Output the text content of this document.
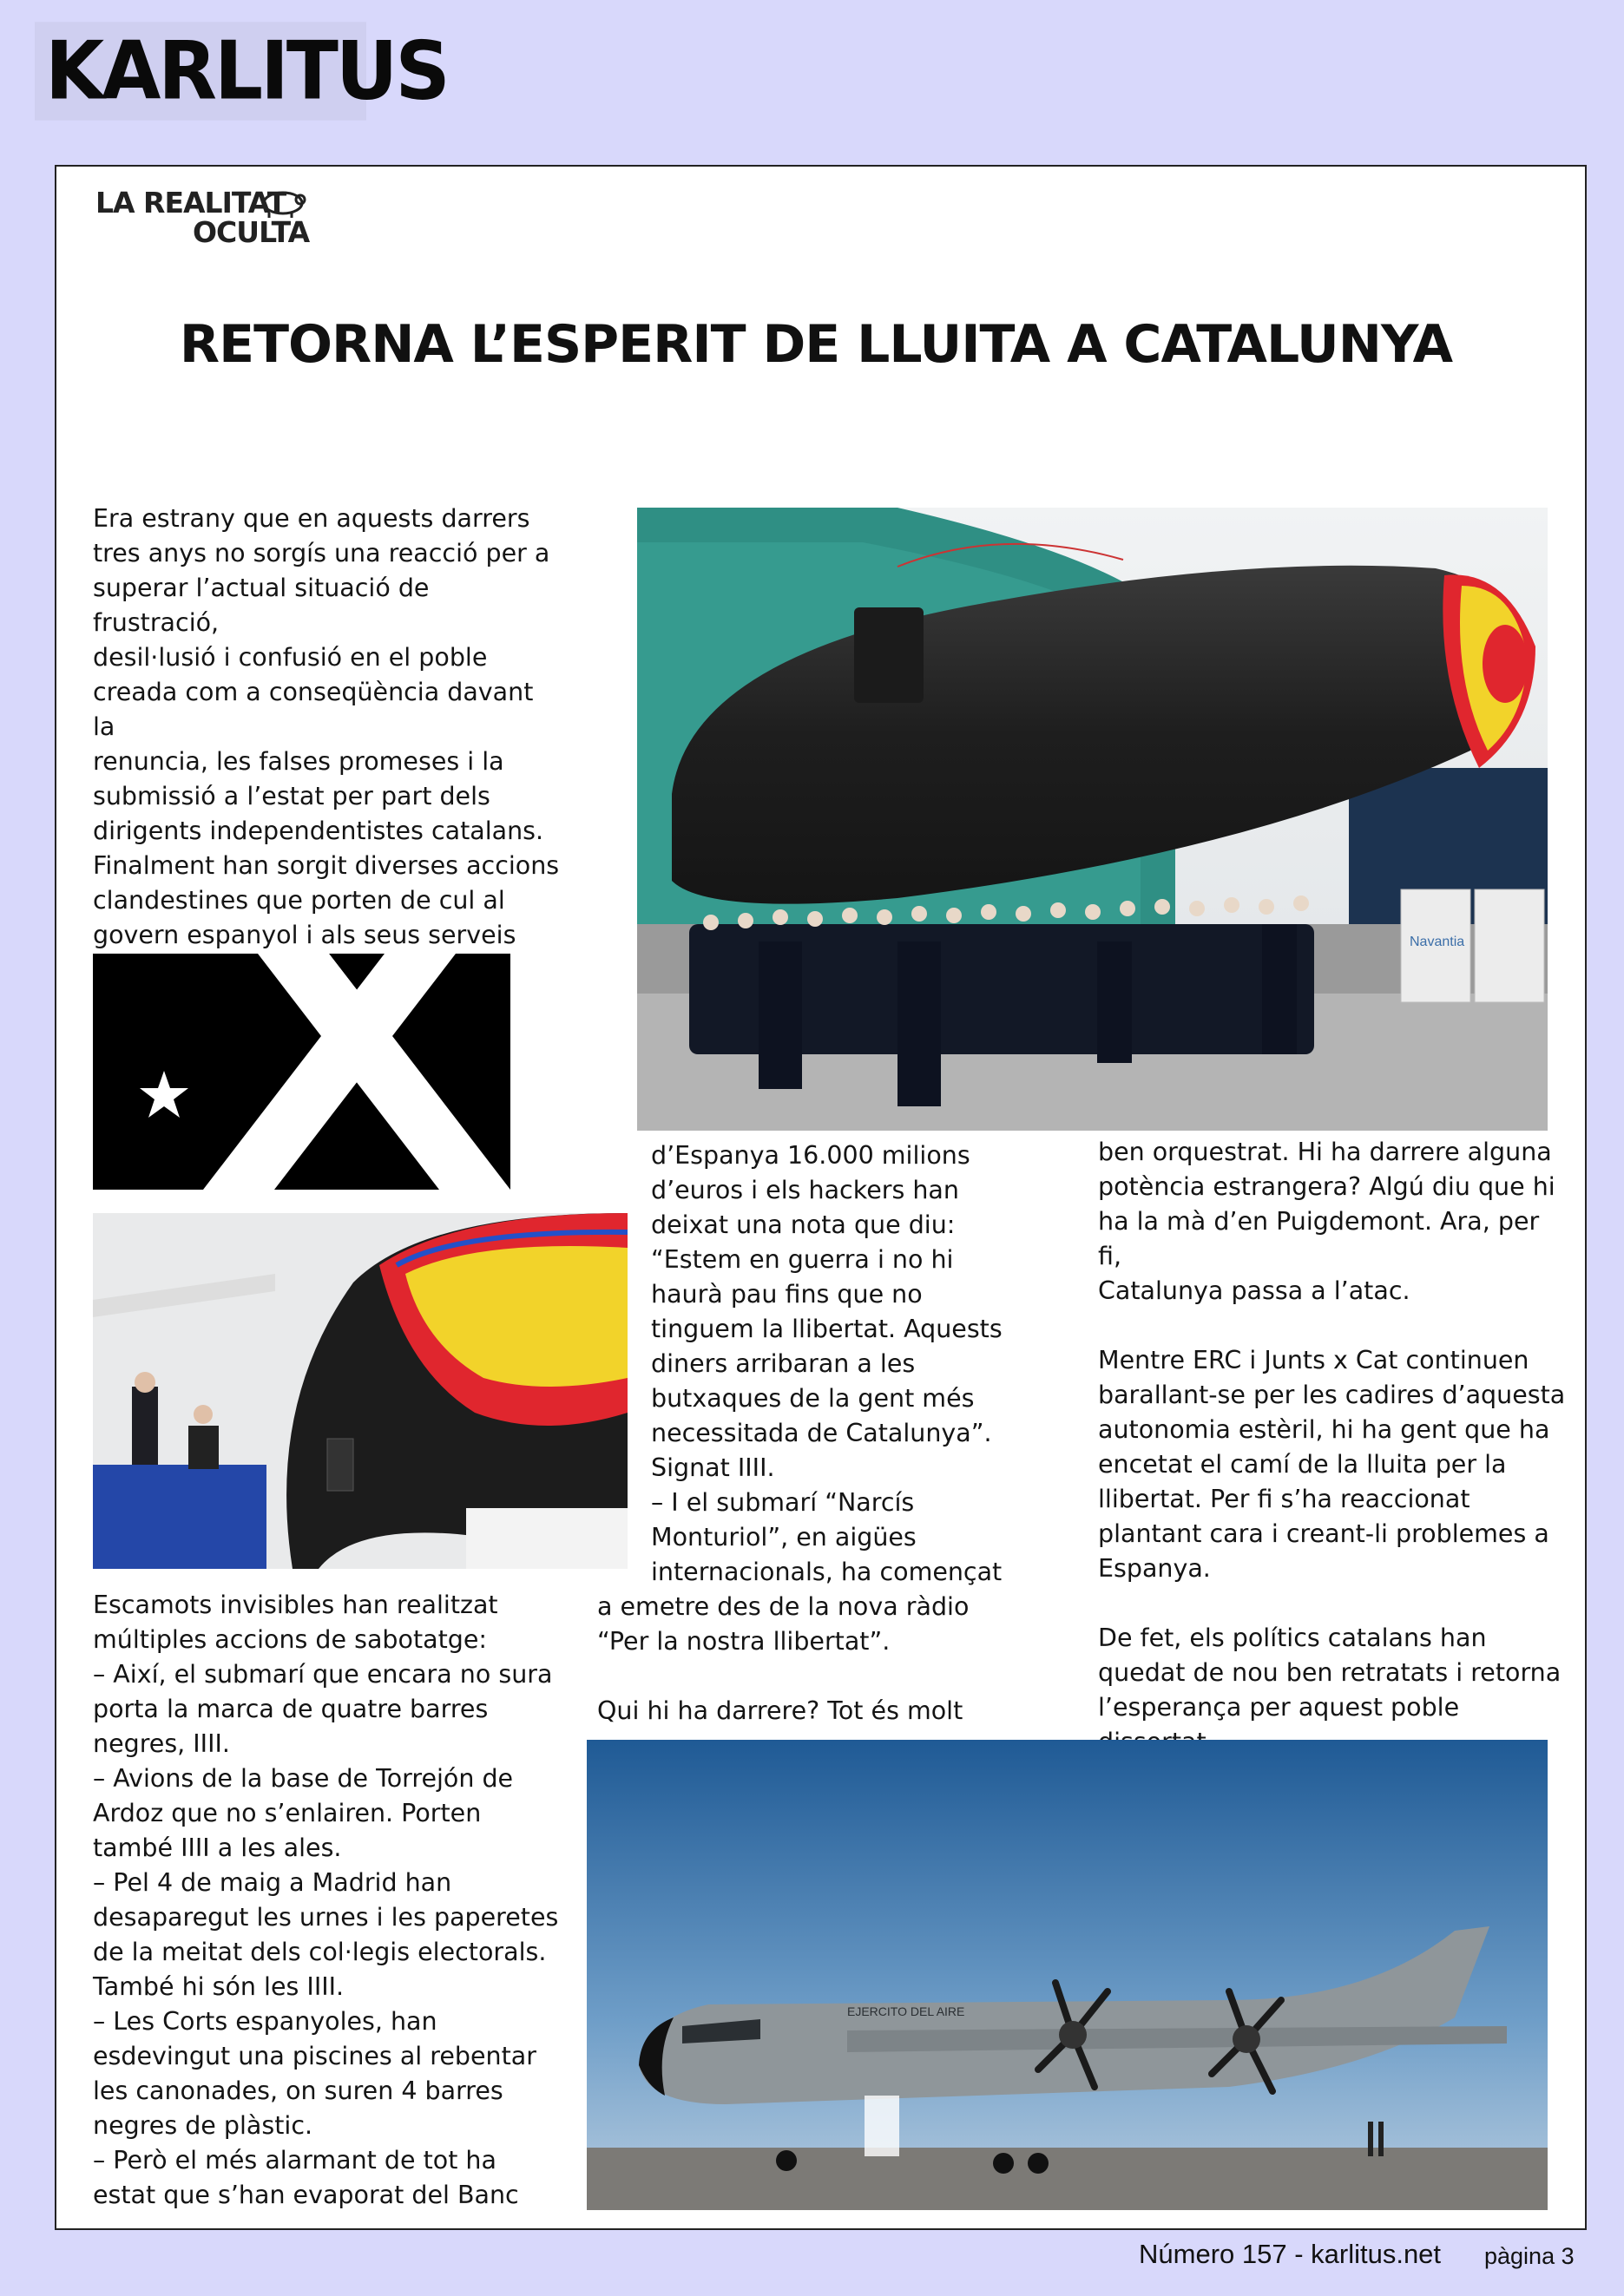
KARLITUS
LA REALITAT
OCULTA
RETORNA L’ESPERIT DE LLUITA A CATALUNYA
Era estrany que en aquests darrers
tres anys no sorgís una reacció per a
superar l’actual situació de frustració,
desil·lusió i confusió en el poble
creada com a conseqüència davant la
renuncia, les falses promeses i la
submissió a l’estat per part dels
dirigents independentistes catalans.
Finalment han sorgit diverses accions
clandestines que porten de cul al
govern espanyol i als seus serveis	Navantia
d’Espanya 16.000 milions
d’euros i els hackers han
deixat una nota que diu:
“Estem en guerra i no hi
haurà pau fins que no
tinguem la llibertat. Aquests
diners arribaran a les
butxaques de la gent més
necessitada de Catalunya”.
Signat IIII.
– I el submarí “Narcís
Monturiol”, en aigües
internacionals, ha començat
a emetre des de la nova ràdio
“Per la nostra llibertat”.

Qui hi ha darrere? Tot és molt
ben orquestrat. Hi ha darrere alguna
potència estrangera? Algú diu que hi
ha la mà d’en Puigdemont. Ara, per fi,
Catalunya passa a l’atac.

Mentre ERC i Junts x Cat continuen
barallant-se per les cadires d’aquesta
autonomia estèril, hi ha gent que ha
encetat el camí de la lluita per la
llibertat. Per fi s’ha reaccionat
plantant cara i creant-li problemes a
Espanya.

De fet, els polítics catalans han
quedat de nou ben retratats i retorna
l’esperança per aquest poble

Escamots invisibles han realitzat
múltiples accions de sabotatge:
– Així, el submarí que encara no sura
porta la marca de quatre barres
negres, IIII.
– Avions de la base de Torrejón de
Ardoz que no s’enlairen. Porten
també IIII a les ales.
– Pel 4 de maig a Madrid han
desaparegut les urnes i les paperetes
de la meitat dels col·legis electorals.
També hi són les IIII.
– Les Corts espanyoles, han
esdevingut una piscines al rebentar
les canonades, on suren 4 barres
negres de plàstic.
– Però el més alarmant de tot ha
estat que s’han evaporat del Banc
EJERCITO DEL AIRE
Número 157 - karlitus.net pàgina 3
